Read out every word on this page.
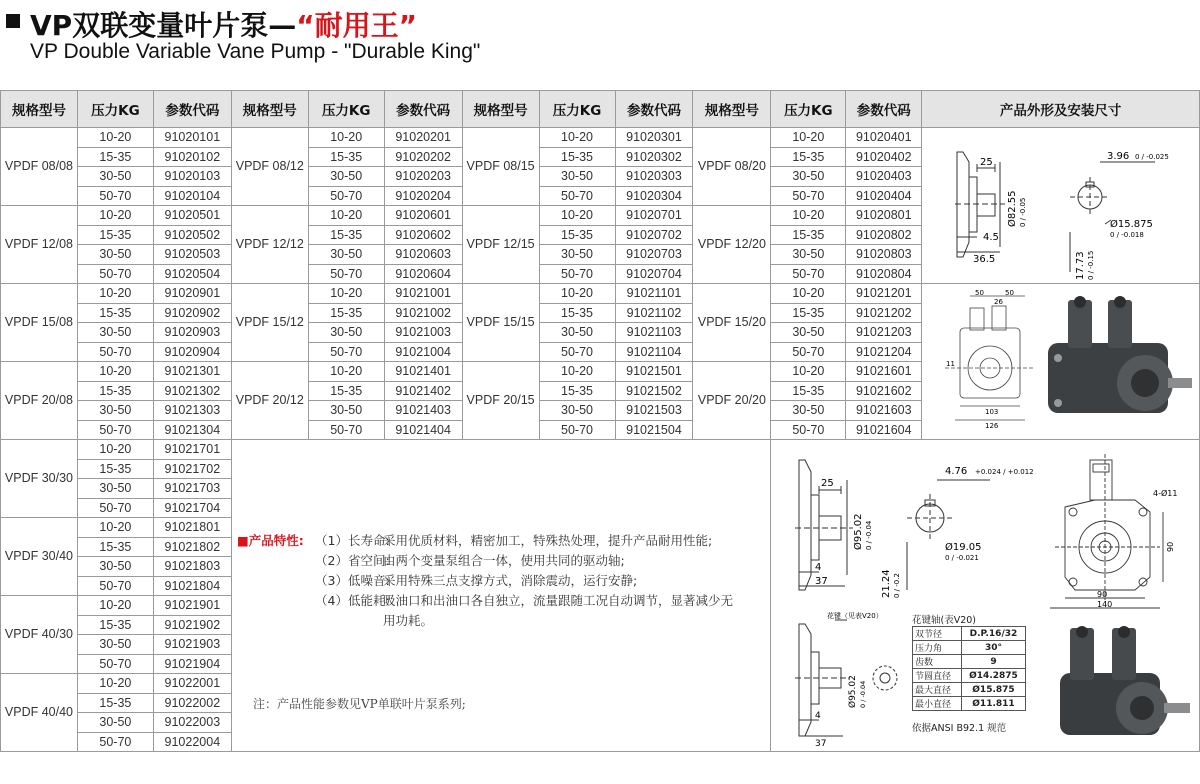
VP双联变量叶片泵—“耐用王”
VP Double Variable Vane Pump - "Durable King"
规格型号	压力KG	参数代码	规格型号	压力KG	参数代码	规格型号	压力KG	参数代码	规格型号	压力KG	参数代码	产品外形及安装尺寸
VPDF 08/08	10-20	91020101	VPDF 08/12	10-20	91020201	VPDF 08/15	10-20	91020301	VPDF 08/20	10-20	91020401	
	15-35	91020102		15-35	91020202		15-35	91020302		15-35	91020402	
	30-50	91020103		30-50	91020203		30-50	91020303		30-50	91020403	
	50-70	91020104		50-70	91020204		50-70	91020304		50-70	91020404	
VPDF 12/08	10-20	91020501	VPDF 12/12	10-20	91020601	VPDF 12/15	10-20	91020701	VPDF 12/20	10-20	91020801	
	15-35	91020502		15-35	91020602		15-35	91020702		15-35	91020802	
	30-50	91020503		30-50	91020603		30-50	91020703		30-50	91020803	
	50-70	91020504		50-70	91020604		50-70	91020704		50-70	91020804	
VPDF 15/08	10-20	91020901	VPDF 15/12	10-20	91021001	VPDF 15/15	10-20	91021101	VPDF 15/20	10-20	91021201	
	15-35	91020902		15-35	91021002		15-35	91021102		15-35	91021202	
	30-50	91020903		30-50	91021003		30-50	91021103		30-50	91021203	
	50-70	91020904		50-70	91021004		50-70	91021104		50-70	91021204	
VPDF 20/08	10-20	91021301	VPDF 20/12	10-20	91021401	VPDF 20/15	10-20	91021501	VPDF 20/20	10-20	91021601	
	15-35	91021302		15-35	91021402		15-35	91021502		15-35	91021602	
	30-50	91021303		30-50	91021403		30-50	91021503		30-50	91021603	
	50-70	91021304		50-70	91021404		50-70	91021504		50-70	91021604	
VPDF 30/30	10-20	91021701										
	15-35	91021702										
	30-50	91021703										
	50-70	91021704										
VPDF 30/40	10-20	91021801										
	15-35	91021802										
	30-50	91021803										
	50-70	91021804										
VPDF 40/30	10-20	91021901										
	15-35	91021902										
	30-50	91021903										
	50-70	91021904										
VPDF 40/40	10-20	91022001										
	15-35	91022002										
	30-50	91022003										
	50-70	91022004										
■产品特性: （1）长寿命:
采用优质材料，精密加工，特殊热处理，提升产品耐用性能;
（2）省空间:
由两个变量泵组合一体，使用共同的驱动轴;
（3）低噪音:
采用特殊三点支撑方式，消除震动，运行安静;
（4）低能耗:
吸油口和出油口各自独立，流量跟随工况自动调节，显著减少无用功耗。
注：产品性能参数见VP单联叶片泵系列;
25
4.5
36.5
3.96 0 / -0.025
Ø15.875
0 / -0.018
Ø82.55 0 / -0.05
17.73 0 / -0.15
50	50
26
11
103
126
25
4
37
4.76 +0.024 / +0.012
Ø19.05
0 / -0.021
Ø95.02 0 / -0.04
21.24 0 / -0.2
4-Ø11
90
140
90
花键（见表V20）
4
37
Ø95.02 0 / -0.04
花键轴(表V20)
双节径	D.P.16/32
压力角	30°
齿数	9
节圆直径	Ø14.2875
最大直径	Ø15.875
最小直径	Ø11.811
依据ANSI B92.1 规范
